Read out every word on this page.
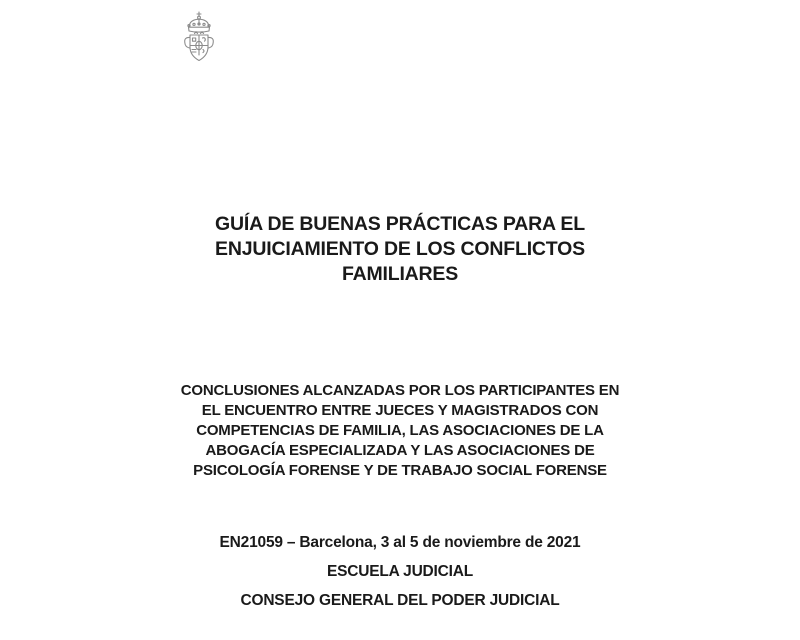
GUÍA DE BUENAS PRÁCTICAS PARA EL
ENJUICIAMIENTO DE LOS CONFLICTOS
FAMILIARES
CONCLUSIONES ALCANZADAS POR LOS PARTICIPANTES EN
EL ENCUENTRO ENTRE JUECES Y MAGISTRADOS CON
COMPETENCIAS DE FAMILIA, LAS ASOCIACIONES DE LA
ABOGACÍA ESPECIALIZADA Y LAS ASOCIACIONES DE
PSICOLOGÍA FORENSE Y DE TRABAJO SOCIAL FORENSE
EN21059 – Barcelona, 3 al 5 de noviembre de 2021
ESCUELA JUDICIAL
CONSEJO GENERAL DEL PODER JUDICIAL
